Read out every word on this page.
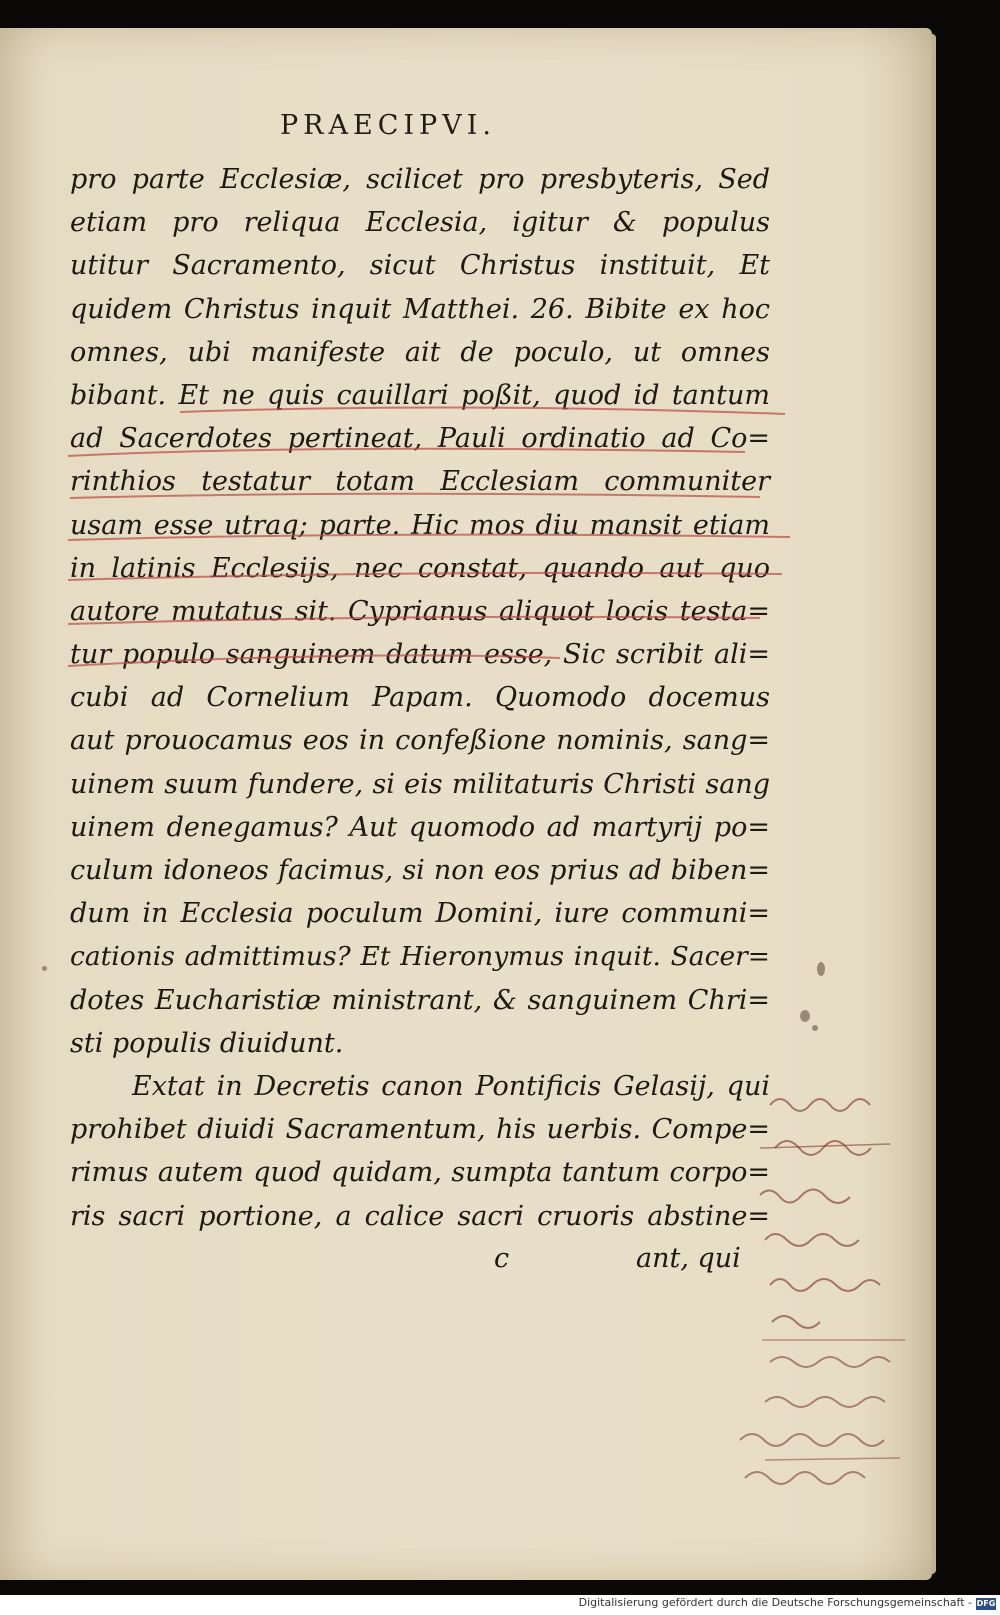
PRAECIPVI.
pro parte Ecclesiæ, scilicet pro presbyteris, Sed
etiam pro reliqua Ecclesia, igitur & populus
utitur Sacramento, sicut Christus instituit, Et
quidem Christus inquit Matthei. 26. Bibite ex hoc
omnes, ubi manifeste ait de poculo, ut omnes
bibant. Et ne quis cauillari poßit, quod id tantum
ad Sacerdotes pertineat, Pauli ordinatio ad Co=
rinthios testatur totam Ecclesiam communiter
usam esse utraq; parte. Hic mos diu mansit etiam
in latinis Ecclesijs, nec constat, quando aut quo
autore mutatus sit. Cyprianus aliquot locis testa=
tur populo sanguinem datum esse, Sic scribit ali=
cubi ad Cornelium Papam. Quomodo docemus
aut prouocamus eos in confeßione nominis, sang=
uinem suum fundere, si eis militaturis Christi sang
uinem denegamus? Aut quomodo ad martyrij po=
culum idoneos facimus, si non eos prius ad biben=
dum in Ecclesia poculum Domini, iure communi=
cationis admittimus? Et Hieronymus inquit. Sacer=
dotes Eucharistiæ ministrant, & sanguinem Chri=
sti populis diuidunt.
Extat in Decretis canon Pontificis Gelasij, qui
prohibet diuidi Sacramentum, his uerbis. Compe=
rimus autem quod quidam, sumpta tantum corpo=
ris sacri portione, a calice sacri cruoris abstine=
c	ant, qui
Digitalisierung gefördert durch die Deutsche Forschungsgemeinschaft - DFG
